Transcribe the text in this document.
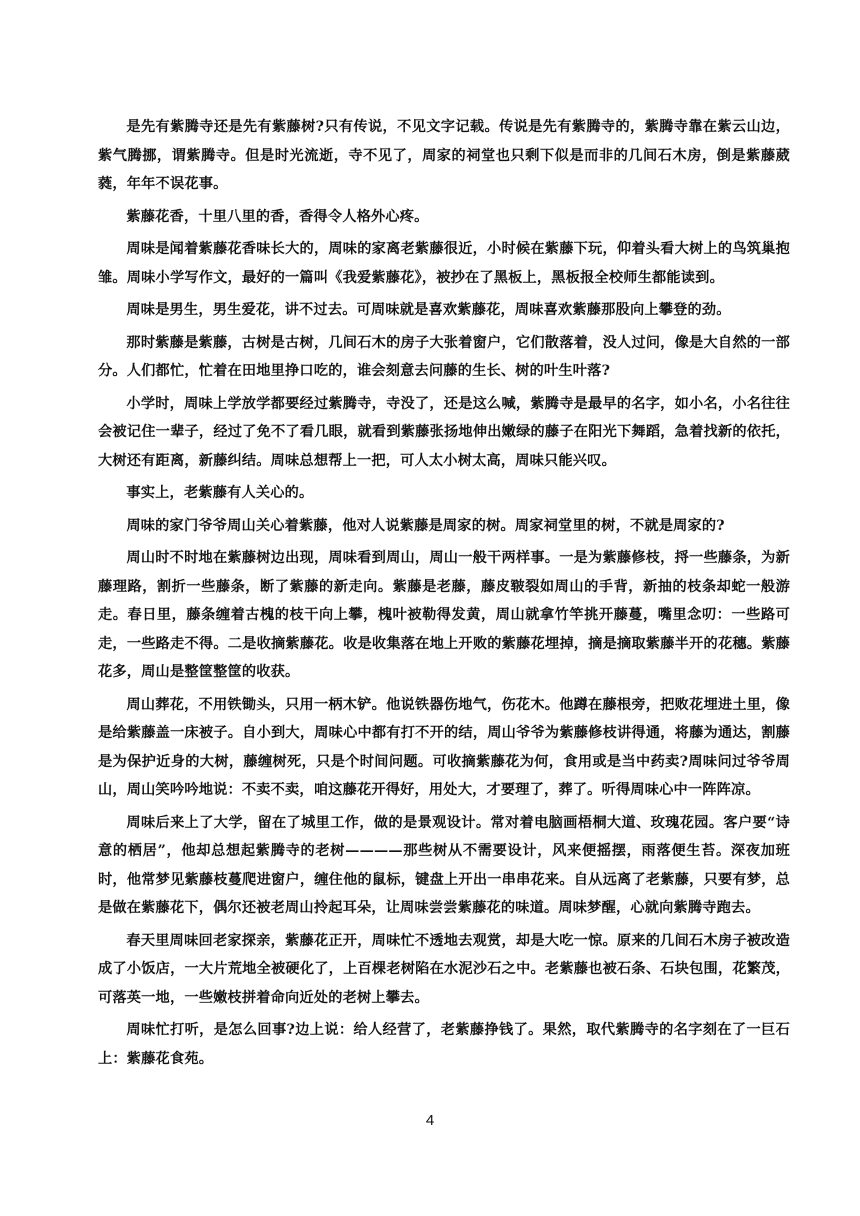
是先有紫腾寺还是先有紫藤树?只有传说，不见文字记载。传说是先有紫腾寺的，紫腾寺靠在紫云山边，紫气腾挪，谓紫腾寺。但是时光流逝，寺不见了，周家的祠堂也只剩下似是而非的几间石木房，倒是紫藤葳蕤，年年不误花事。

紫藤花香，十里八里的香，香得令人格外心疼。

周味是闻着紫藤花香味长大的，周味的家离老紫藤很近，小时候在紫藤下玩，仰着头看大树上的鸟筑巢抱雏。周味小学写作文，最好的一篇叫《我爱紫藤花》，被抄在了黑板上，黑板报全校师生都能读到。

周味是男生，男生爱花，讲不过去。可周味就是喜欢紫藤花，周味喜欢紫藤那股向上攀登的劲。

那时紫藤是紫藤，古树是古树，几间石木的房子大张着窗户，它们散落着，没人过问，像是大自然的一部分。人们都忙，忙着在田地里挣口吃的，谁会刻意去问藤的生长、树的叶生叶落?

小学时，周味上学放学都要经过紫腾寺，寺没了，还是这么喊，紫腾寺是最早的名字，如小名，小名往往会被记住一辈子，经过了免不了看几眼，就看到紫藤张扬地伸出嫩绿的藤子在阳光下舞蹈，急着找新的依托，大树还有距离，新藤纠结。周味总想帮上一把，可人太小树太高，周味只能兴叹。

事实上，老紫藤有人关心的。

周味的家门爷爷周山关心着紫藤，他对人说紫藤是周家的树。周家祠堂里的树，不就是周家的?

周山时不时地在紫藤树边出现，周味看到周山，周山一般干两样事。一是为紫藤修枝，捋一些藤条，为新藤理路，割折一些藤条，断了紫藤的新走向。紫藤是老藤，藤皮皲裂如周山的手背，新抽的枝条却蛇一般游走。春日里，藤条缠着古槐的枝干向上攀，槐叶被勒得发黄，周山就拿竹竿挑开藤蔓，嘴里念叨：一些路可走，一些路走不得。二是收摘紫藤花。收是收集落在地上开败的紫藤花埋掉，摘是摘取紫藤半开的花穗。紫藤花多，周山是整筐整筐的收获。

周山葬花，不用铁锄头，只用一柄木铲。他说铁器伤地气，伤花木。他蹲在藤根旁，把败花埋进土里，像是给紫藤盖一床被子。自小到大，周味心中都有打不开的结，周山爷爷为紫藤修枝讲得通，将藤为通达，割藤是为保护近身的大树，藤缠树死，只是个时间问题。可收摘紫藤花为何，食用或是当中药卖?周味问过爷爷周山，周山笑吟吟地说：不卖不卖，咱这藤花开得好，用处大，才要理了，葬了。听得周味心中一阵阵凉。

周味后来上了大学，留在了城里工作，做的是景观设计。常对着电脑画梧桐大道、玫瑰花园。客户要“诗意的栖居”，他却总想起紫腾寺的老树————那些树从不需要设计，风来便摇摆，雨落便生苔。深夜加班时，他常梦见紫藤枝蔓爬进窗户，缠住他的鼠标，键盘上开出一串串花来。自从远离了老紫藤，只要有梦，总是做在紫藤花下，偶尔还被老周山拎起耳朵，让周味尝尝紫藤花的味道。周味梦醒，心就向紫腾寺跑去。

春天里周味回老家探亲，紫藤花正开，周味忙不透地去观赏，却是大吃一惊。原来的几间石木房子被改造成了小饭店，一大片荒地全被硬化了，上百棵老树陷在水泥沙石之中。老紫藤也被石条、石块包围，花繁茂，可落英一地，一些嫩枝拼着命向近处的老树上攀去。

周味忙打听，是怎么回事?边上说：给人经营了，老紫藤挣钱了。果然，取代紫腾寺的名字刻在了一巨石上：紫藤花食苑。

4
